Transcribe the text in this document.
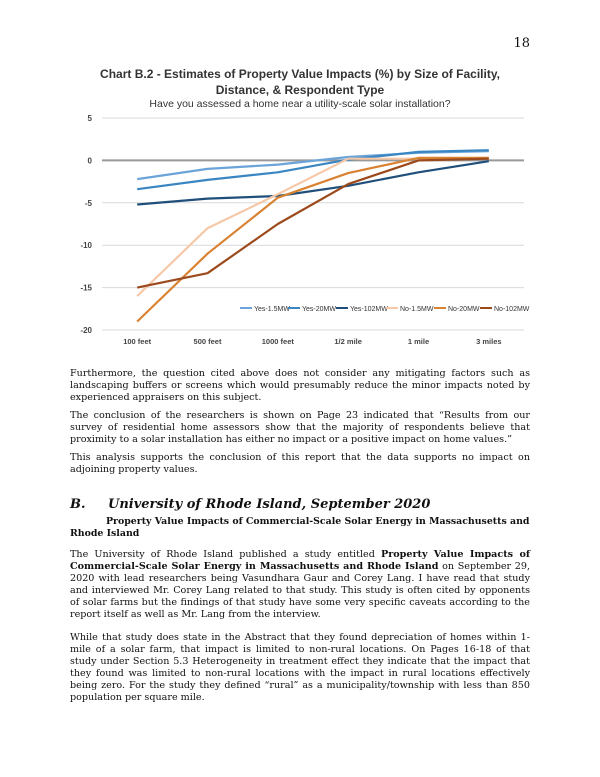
18
Chart B.2 - Estimates of Property Value Impacts (%) by Size of Facility,
Distance, & Respondent Type
Have you assessed a home near a utility-scale solar installation?
5
0
-5
-10
-15
-20
100 feet	500 feet	1000 feet	1/2 mile	1 mile	3 miles
Yes-1.5MW Yes-20MW Yes-102MW No-1.5MW No-20MW No-102MW

Furthermore, the question cited above does not consider any mitigating factors such as landscaping buffers or screens which would presumably reduce the minor impacts noted by experienced appraisers on this subject.

The conclusion of the researchers is shown on Page 23 indicated that “Results from our survey of residential home assessors show that the majority of respondents believe that proximity to a solar installation has either no impact or a positive impact on home values.”

This analysis supports the conclusion of this report that the data supports no impact on adjoining property values.

B. University of Rhode Island, September 2020

Property Value Impacts of Commercial-Scale Solar Energy in Massachusetts and Rhode Island

The University of Rhode Island published a study entitled Property Value Impacts of Commercial-Scale Solar Energy in Massachusetts and Rhode Island on September 29, 2020 with lead researchers being Vasundhara Gaur and Corey Lang. I have read that study and interviewed Mr. Corey Lang related to that study. This study is often cited by opponents of solar farms but the findings of that study have some very specific caveats according to the report itself as well as Mr. Lang from the interview.

While that study does state in the Abstract that they found depreciation of homes within 1-mile of a solar farm, that impact is limited to non-rural locations. On Pages 16-18 of that study under Section 5.3 Heterogeneity in treatment effect they indicate that the impact that they found was limited to non-rural locations with the impact in rural locations effectively being zero. For the study they defined “rural” as a municipality/township with less than 850 population per square mile.
